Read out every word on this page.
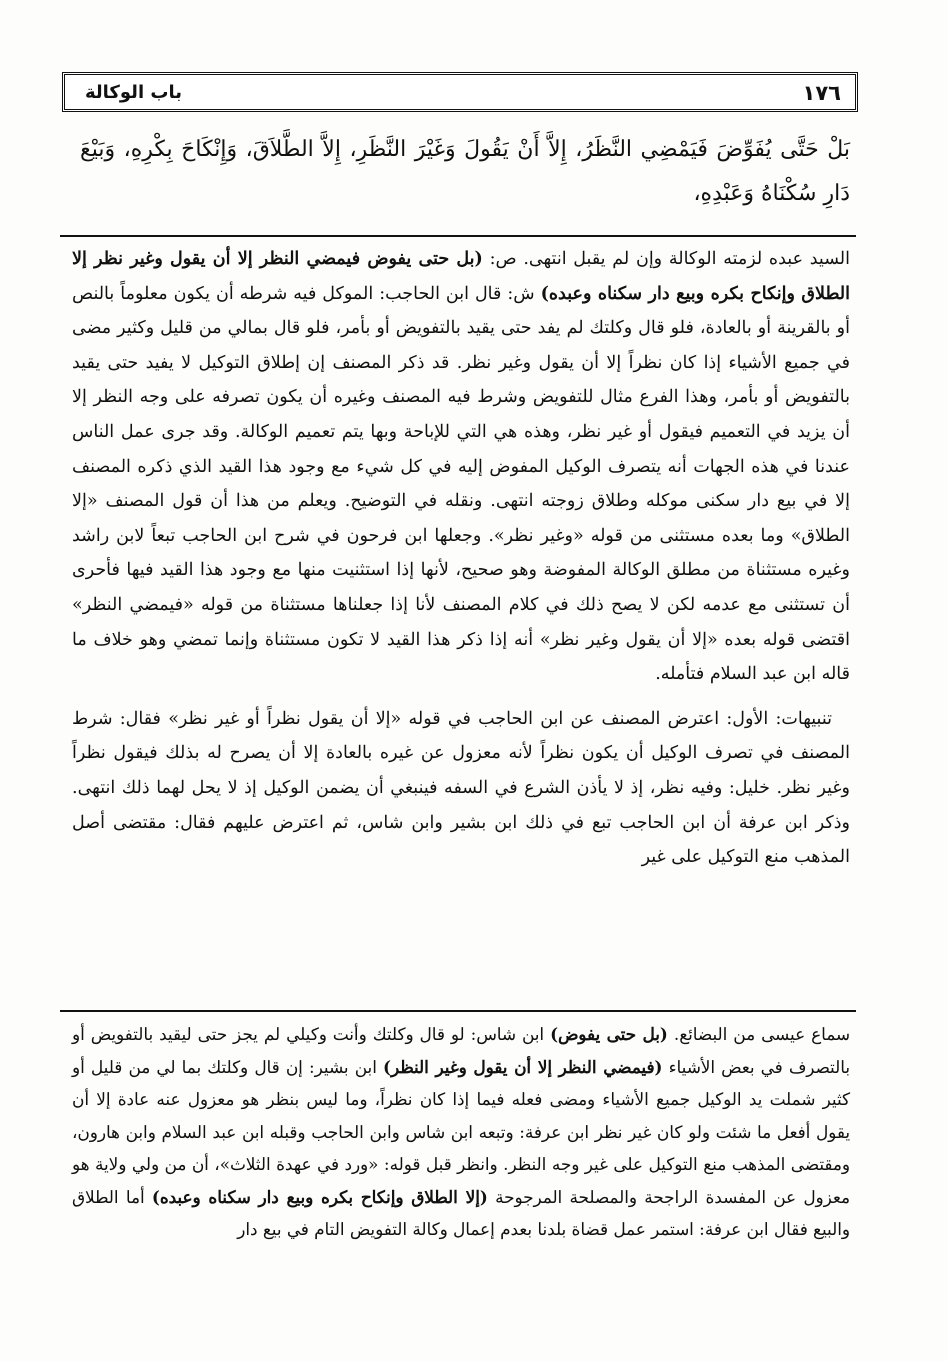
١٧٦
باب الوكالة
بَلْ حَتَّى يُفَوِّضَ فَيَمْضِي النَّظَرُ، إِلاَّ أَنْ يَقُولَ وَغَيْرَ النَّظَرِ، إِلاَّ الطَّلاَقَ، وَإِنْكَاحَ بِكْرِهِ، وَبَيْعَ دَارِ سُكْنَاهُ وَعَبْدِهِ،

السيد عبده لزمته الوكالة وإن لم يقبل انتهى. ص: (بل حتى يفوض فيمضي النظر إلا أن يقول وغير نظر إلا الطلاق وإنكاح بكره وبيع دار سكناه وعبده) ش: قال ابن الحاجب: الموكل فيه شرطه أن يكون معلوماً بالنص أو بالقرينة أو بالعادة، فلو قال وكلتك لم يفد حتى يقيد بالتفويض أو بأمر، فلو قال بمالي من قليل وكثير مضى في جميع الأشياء إذا كان نظراً إلا أن يقول وغير نظر. قد ذكر المصنف إن إطلاق التوكيل لا يفيد حتى يقيد بالتفويض أو بأمر، وهذا الفرع مثال للتفويض وشرط فيه المصنف وغيره أن يكون تصرفه على وجه النظر إلا أن يزيد في التعميم فيقول أو غير نظر، وهذه هي التي للإباحة وبها يتم تعميم الوكالة. وقد جرى عمل الناس عندنا في هذه الجهات أنه يتصرف الوكيل المفوض إليه في كل شيء مع وجود هذا القيد الذي ذكره المصنف إلا في بيع دار سكنى موكله وطلاق زوجته انتهى. ونقله في التوضيح. ويعلم من هذا أن قول المصنف «إلا الطلاق» وما بعده مستثنى من قوله «وغير نظر». وجعلها ابن فرحون في شرح ابن الحاجب تبعاً لابن راشد وغيره مستثناة من مطلق الوكالة المفوضة وهو صحيح، لأنها إذا استثنيت منها مع وجود هذا القيد فيها فأحرى أن تستثنى مع عدمه لكن لا يصح ذلك في كلام المصنف لأنا إذا جعلناها مستثناة من قوله «فيمضي النظر» اقتضى قوله بعده «إلا أن يقول وغير نظر» أنه إذا ذكر هذا القيد لا تكون مستثناة وإنما تمضي وهو خلاف ما قاله ابن عبد السلام فتأمله.

تنبيهات: الأول: اعترض المصنف عن ابن الحاجب في قوله «إلا أن يقول نظراً أو غير نظر» فقال: شرط المصنف في تصرف الوكيل أن يكون نظراً لأنه معزول عن غيره بالعادة إلا أن يصرح له بذلك فيقول نظراً وغير نظر. خليل: وفيه نظر، إذ لا يأذن الشرع في السفه فينبغي أن يضمن الوكيل إذ لا يحل لهما ذلك انتهى. وذكر ابن عرفة أن ابن الحاجب تبع في ذلك ابن بشير وابن شاس، ثم اعترض عليهم فقال: مقتضى أصل المذهب منع التوكيل على غير

سماع عيسى من البضائع. (بل حتى يفوض) ابن شاس: لو قال وكلتك وأنت وكيلي لم يجز حتى ليقيد بالتفويض أو بالتصرف في بعض الأشياء (فيمضي النظر إلا أن يقول وغير النظر) ابن بشير: إن قال وكلتك بما لي من قليل أو كثير شملت يد الوكيل جميع الأشياء ومضى فعله فيما إذا كان نظراً، وما ليس بنظر هو معزول عنه عادة إلا أن يقول أفعل ما شئت ولو كان غير نظر ابن عرفة: وتبعه ابن شاس وابن الحاجب وقبله ابن عبد السلام وابن هارون، ومقتضى المذهب منع التوكيل على غير وجه النظر. وانظر قبل قوله: «ورد في عهدة الثلاث»، أن من ولي ولاية هو معزول عن المفسدة الراجحة والمصلحة المرجوحة (إلا الطلاق وإنكاح بكره وبيع دار سكناه وعبده) أما الطلاق والبيع فقال ابن عرفة: استمر عمل قضاة بلدنا بعدم إعمال وكالة التفويض التام في بيع دار
